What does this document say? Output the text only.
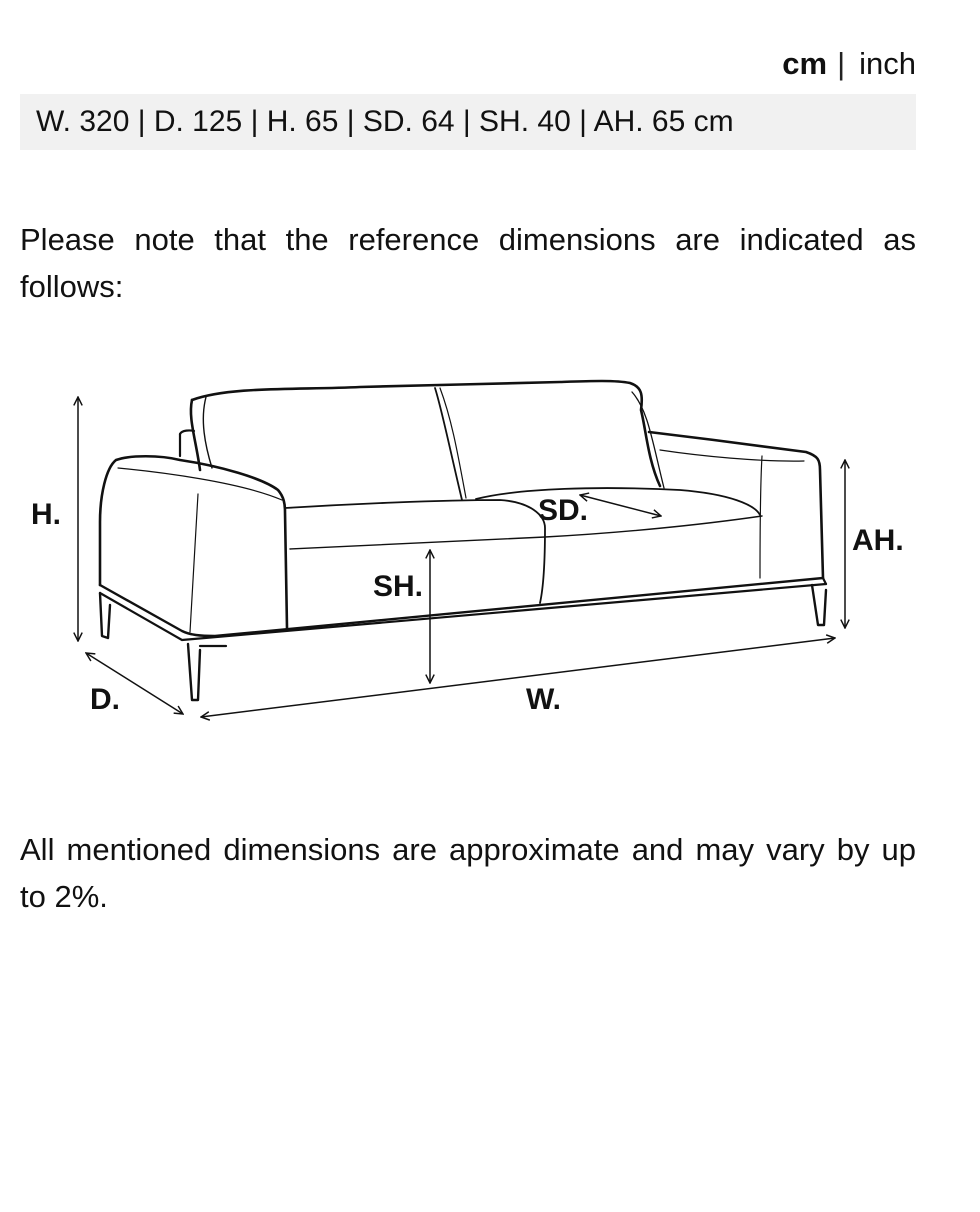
cm | inch
W. 320 | D. 125 | H. 65 | SD. 64 | SH. 40 | AH. 65 cm

Please note that the reference dimensions are indicated as follows:

H.
D.	W.
SH.
SD.
AH.

All mentioned dimensions are approximate and may vary by up to 2%.
